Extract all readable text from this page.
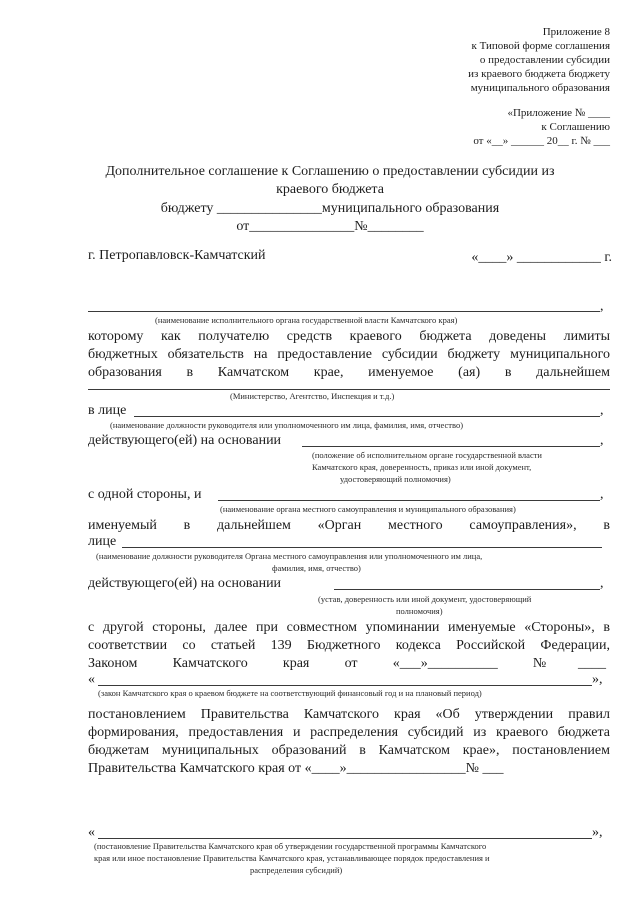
Приложение 8
к Типовой форме соглашения
о предоставлении субсидии
из краевого бюджета бюджету
муниципального образования
«Приложение № ____
к Соглашению
от «__» ______ 20__ г. № ___
Дополнительное соглашение к Соглашению о предоставлении субсидии из
краевого бюджета
бюджету _______________муниципального образования
от_______________№________
г. Петропавловск-Камчатский	«____» ____________ г.
,
(наименование исполнительного органа государственной власти Камчатского края)
которому как получателю средств краевого бюджета доведены лимиты
бюджетных обязательств на предоставление субсидии бюджету муниципального
образования в Камчатском крае, именуемое (ая) в дальнейшем
(Министерство, Агентство, Инспекция и т.д.)
в лице	,
(наименование должности руководителя или уполномоченного им лица, фамилия, имя, отчество)
действующего(ей) на основании	,
(положение об исполнительном органе государственной власти
Камчатского края, доверенность, приказ или иной документ,
удостоверяющий полномочия)
с одной стороны, и	,
(наименование органа местного самоуправления и муниципального образования)
именуемый в дальнейшем «Орган местного самоуправления», в
лице
(наименование должности руководителя Органа местного самоуправления или уполномоченного им лица,
фамилия, имя, отчество)
действующего(ей) на основании	,
(устав, доверенность или иной документ, удостоверяющий
полномочия)
с другой стороны, далее при совместном упоминании именуемые «Стороны», в
соответствии со статьей 139 Бюджетного кодекса Российской Федерации,
Законом Камчатского края от «___»__________ №____
«	»,
(закон Камчатского края о краевом бюджете на соответствующий финансовый год и на плановый период)
постановлением Правительства Камчатского края «Об утверждении правил
формирования, предоставления и распределения субсидий из краевого бюджета
бюджетам муниципальных образований в Камчатском крае», постановлением
Правительства Камчатского края от «____»_________________№ ___
«	»,
(постановление Правительства Камчатского края об утверждении государственной программы Камчатского
края или иное постановление Правительства Камчатского края, устанавливающее порядок предоставления и
распределения субсидий)
